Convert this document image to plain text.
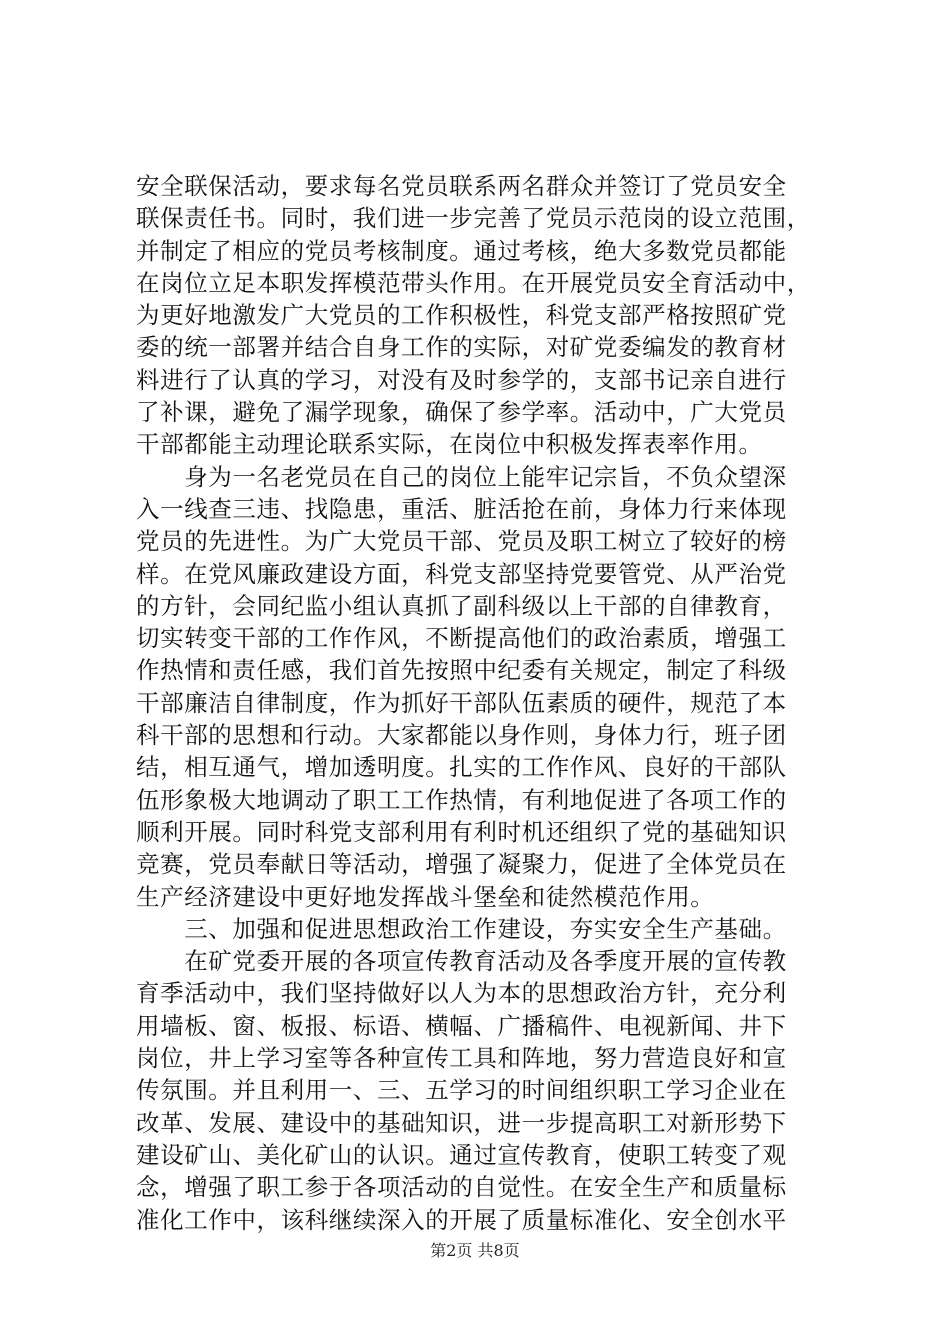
安全联保活动，要求每名党员联系两名群众并签订了党员安全
联保责任书。同时，我们进一步完善了党员示范岗的设立范围，
并制定了相应的党员考核制度。通过考核，绝大多数党员都能
在岗位立足本职发挥模范带头作用。在开展党员安全育活动中，
为更好地激发广大党员的工作积极性，科党支部严格按照矿党
委的统一部署并结合自身工作的实际，对矿党委编发的教育材
料进行了认真的学习，对没有及时参学的，支部书记亲自进行
了补课，避免了漏学现象，确保了参学率。活动中，广大党员
干部都能主动理论联系实际，在岗位中积极发挥表率作用。
　　身为一名老党员在自己的岗位上能牢记宗旨，不负众望深
入一线查三违、找隐患，重活、脏活抢在前，身体力行来体现
党员的先进性。为广大党员干部、党员及职工树立了较好的榜
样。在党风廉政建设方面，科党支部坚持党要管党、从严治党
的方针，会同纪监小组认真抓了副科级以上干部的自律教育，
切实转变干部的工作作风，不断提高他们的政治素质，增强工
作热情和责任感，我们首先按照中纪委有关规定，制定了科级
干部廉洁自律制度，作为抓好干部队伍素质的硬件，规范了本
科干部的思想和行动。大家都能以身作则，身体力行，班子团
结，相互通气，增加透明度。扎实的工作作风、良好的干部队
伍形象极大地调动了职工工作热情，有利地促进了各项工作的
顺利开展。同时科党支部利用有利时机还组织了党的基础知识
竞赛，党员奉献日等活动，增强了凝聚力，促进了全体党员在
生产经济建设中更好地发挥战斗堡垒和徒然模范作用。
　　三、加强和促进思想政治工作建设，夯实安全生产基础。
　　在矿党委开展的各项宣传教育活动及各季度开展的宣传教
育季活动中，我们坚持做好以人为本的思想政治方针，充分利
用墙板、窗、板报、标语、横幅、广播稿件、电视新闻、井下
岗位，井上学习室等各种宣传工具和阵地，努力营造良好和宣
传氛围。并且利用一、三、五学习的时间组织职工学习企业在
改革、发展、建设中的基础知识，进一步提高职工对新形势下
建设矿山、美化矿山的认识。通过宣传教育，使职工转变了观
念，增强了职工参于各项活动的自觉性。在安全生产和质量标
准化工作中，该科继续深入的开展了质量标准化、安全创水平
第2页 共8页
